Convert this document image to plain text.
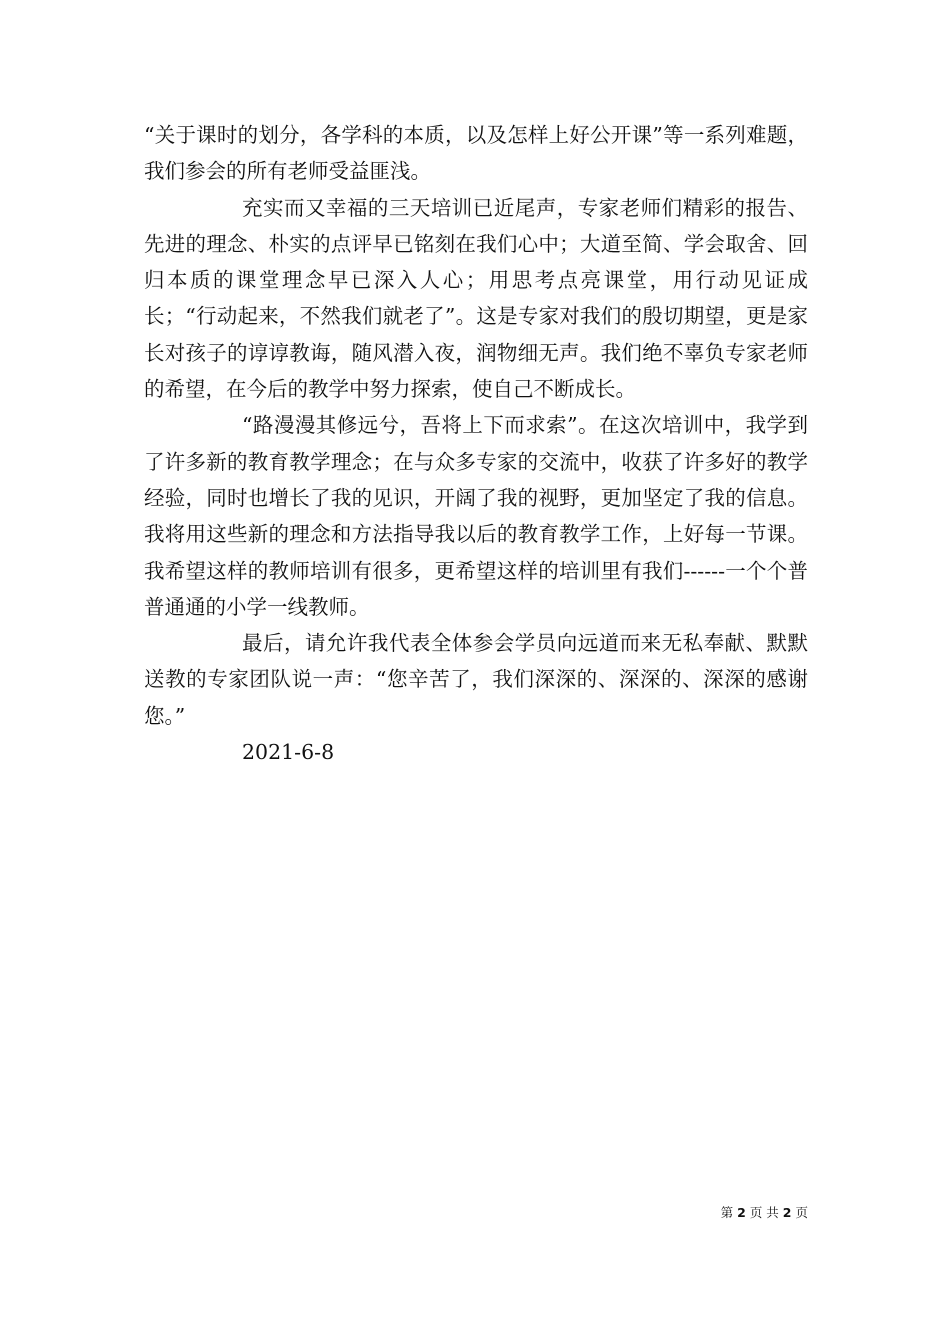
“关于课时的划分，各学科的本质，以及怎样上好公开课”等一系列难题，我们参会的所有老师受益匪浅。

充实而又幸福的三天培训已近尾声，专家老师们精彩的报告、先进的理念、朴实的点评早已铭刻在我们心中；大道至简、学会取舍、回归本质的课堂理念早已深入人心；用思考点亮课堂，用行动见证成长；“行动起来，不然我们就老了”。这是专家对我们的殷切期望，更是家长对孩子的谆谆教诲，随风潜入夜，润物细无声。我们绝不辜负专家老师的希望，在今后的教学中努力探索，使自己不断成长。

“路漫漫其修远兮，吾将上下而求索”。在这次培训中，我学到了许多新的教育教学理念；在与众多专家的交流中，收获了许多好的教学经验，同时也增长了我的见识，开阔了我的视野，更加坚定了我的信息。我将用这些新的理念和方法指导我以后的教育教学工作，上好每一节课。我希望这样的教师培训有很多，更希望这样的培训里有我们------一个个普普通通的小学一线教师。

最后，请允许我代表全体参会学员向远道而来无私奉献、默默送教的专家团队说一声：“您辛苦了，我们深深的、深深的、深深的感谢您。”

2021-6-8

第 2 页 共 2 页
